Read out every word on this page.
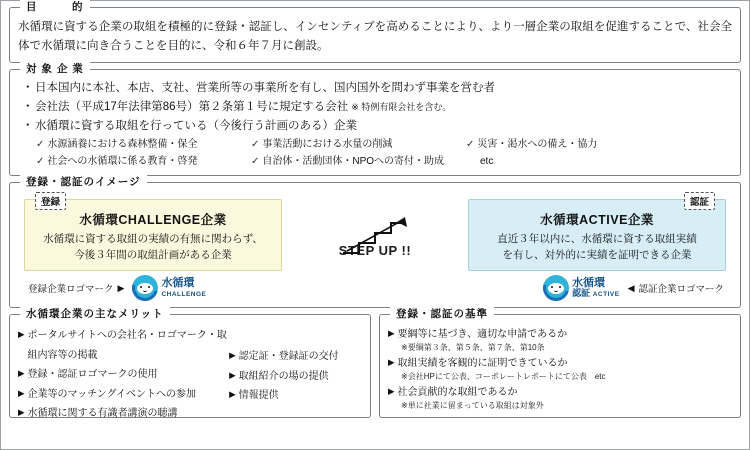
目　　　的
水循環に資する企業の取組を積極的に登録・認証し、インセンティブを高めることにより、より一層企業の取組を促進することで、社会全体で水循環に向き合うことを目的に、令和６年７月に創設。
対 象 企 業
・ 日本国内に本社、本店、支社、営業所等の事業所を有し、国内国外を問わず事業を営む者
・ 会社法（平成17年法律第86号）第２条第１号に規定する会社 ※ 特例有限会社を含む。
・ 水循環に資する取組を行っている（今後行う計画のある）企業
✓ 水源涵養における森林整備・保全	✓ 事業活動における水量の削減	✓ 災害・渇水への備え・協力
✓ 社会への水循環に係る教育・啓発	✓ 自治体・活動団体・NPOへの寄付・助成	etc
登録・認証のイメージ
登録
水循環CHALLENGE企業

水循環に資する取組の実績の有無に関わらず、

今後３年間の取組計画がある企業

認証
水循環ACTIVE企業

直近３年以内に、水循環に資する取組実績

を有し、対外的に実績を証明できる企業

STEP UP !!
登録企業ロゴマーク ▶	水循環
CHALLENGE
水循環
認証 ACTIVE
◀ 認証企業ロゴマーク
水循環企業の主なメリット
▶ ポータルサイトへの会社名・ロゴマーク・取組内容等の掲載
▶ 登録・認証ロゴマークの使用
▶ 企業等のマッチングイベントへの参加
▶ 水循環に関する有識者講演の聴講
▶ 認定証・登録証の交付
▶ 取組紹介の場の提供
▶ 情報提供
登録・認証の基準
▶ 要綱等に基づき、適切な申請であるか
※要綱第３条、第５条、第７条、第10条
▶ 取組実績を客観的に証明できているか
※会社HPにて公表、コーポレートレポートにて公表　etc
▶ 社会貢献的な取組であるか
※単に社業に留まっている取組は対象外
